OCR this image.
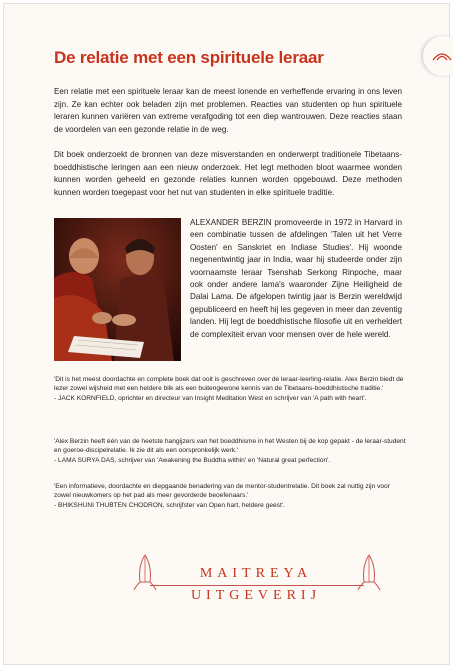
De relatie met een spirituele leraar

Een relatie met een spirituele leraar kan de meest lonende en verheffende ervaring in ons leven zijn. Ze kan echter ook beladen zijn met problemen. Reacties van studenten op hun spirituele leraren kunnen variëren van extreme verafgoding tot een diep wantrouwen. Deze reacties staan de voordelen van een gezonde relatie in de weg.

Dit boek onderzoekt de bronnen van deze misverstanden en onderwerpt traditionele Tibetaans-boeddhistische leringen aan een nieuw onderzoek. Het legt methoden bloot waarmee wonden kunnen worden geheeld en gezonde relaties kunnen worden opgebouwd. Deze methoden kunnen worden toegepast voor het nut van studenten in elke spirituele traditie.

ALEXANDER BERZIN promoveerde in 1972 in Harvard in een combinatie tussen de afdelingen 'Talen uit het Verre Oosten' en Sanskriet en Indiase Studies'. Hij woonde negenentwintig jaar in India, waar hij studeerde onder zijn voornaamste leraar Tsenshab Serkong Rinpoche, maar ook onder andere lama's waaronder Zijne Heiligheid de Dalai Lama. De afgelopen twintig jaar is Berzin wereldwijd gepubliceerd en heeft hij les gegeven in meer dan zeventig landen. Hij legt de boeddhistische filosofie uit en verheldert de complexiteit ervan voor mensen over de hele wereld.

'Dit is het meest doordachte en complete boek dat ooit is geschreven over de leraar-leerling-relatie. Alex Berzin biedt de lezer zowel wijsheid met een heldere blik als een buitengewone kennis van de Tibetaans-boeddhistische traditie.'
- JACK KORNFIELD, oprichter en directeur van Insight Meditation West en schrijver van 'A path with heart'.
'Alex Berzin heeft één van de heetste hangijzers van het boeddhisme in het Westen bij de kop gepakt - de leraar-student en goeroe-discipelrelatie. Ik zie dit als een oorspronkelijk werk.'
- LAMA SURYA DAS, schrijver van 'Awakening the Buddha within' en 'Natural great perfection'.
'Een informatieve, doordachte en diepgaande benadering van de mentor-studentrelatie. Dit boek zal nuttig zijn voor zowel nieuwkomers op het pad als meer gevorderde beoefenaars.'
- BHIKSHUNI THUBTEN CHODRON, schrijfster van Open hart, heldere geest'.
MAITREYA
UITGEVERIJ
